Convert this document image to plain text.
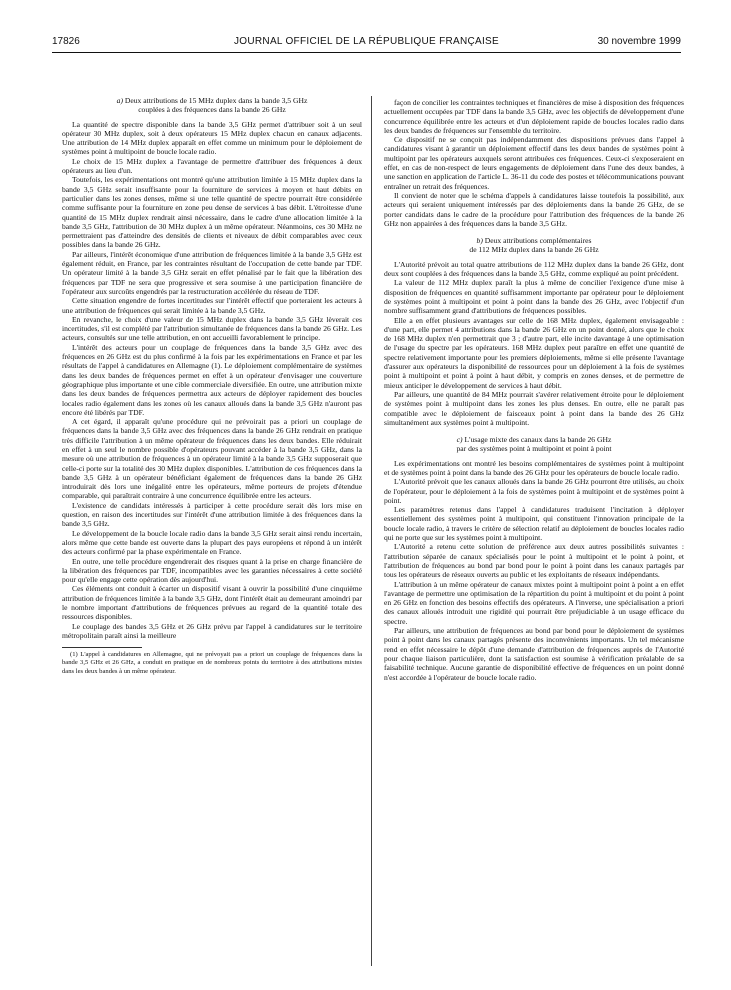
17826	JOURNAL OFFICIEL DE LA RÉPUBLIQUE FRANÇAISE	30 novembre 1999
a) Deux attributions de 15 MHz duplex dans la bande 3,5 GHz
couplées à des fréquences dans la bande 26 GHz

La quantité de spectre disponible dans la bande 3,5 GHz permet d'attribuer soit à un seul opérateur 30 MHz duplex, soit à deux opérateurs 15 MHz duplex chacun en canaux adjacents. Une attribution de 14 MHz duplex apparaît en effet comme un minimum pour le déploiement de systèmes point à multipoint de boucle locale radio.

Le choix de 15 MHz duplex a l'avantage de permettre d'attribuer des fréquences à deux opérateurs au lieu d'un.

Toutefois, les expérimentations ont montré qu'une attribution limitée à 15 MHz duplex dans la bande 3,5 GHz serait insuffisante pour la fourniture de services à moyen et haut débits en particulier dans les zones denses, même si une telle quantité de spectre pourrait être considérée comme suffisante pour la fourniture en zone peu dense de services à bas débit. L'étroitesse d'une quantité de 15 MHz duplex rendrait ainsi nécessaire, dans le cadre d'une allocation limitée à la bande 3,5 GHz, l'attribution de 30 MHz duplex à un même opérateur. Néanmoins, ces 30 MHz ne permettraient pas d'atteindre des densités de clients et niveaux de débit comparables avec ceux possibles dans la bande 26 GHz.

Par ailleurs, l'intérêt économique d'une attribution de fréquences limitée à la bande 3,5 GHz est également réduit, en France, par les contraintes résultant de l'occupation de cette bande par TDF. Un opérateur limité à la bande 3,5 GHz serait en effet pénalisé par le fait que la libération des fréquences par TDF ne sera que progressive et sera soumise à une participation financière de l'opérateur aux surcoûts engendrés par la restructuration accélérée du réseau de TDF.

Cette situation engendre de fortes incertitudes sur l'intérêt effectif que porteraient les acteurs à une attribution de fréquences qui serait limitée à la bande 3,5 GHz.

En revanche, le choix d'une valeur de 15 MHz duplex dans la bande 3,5 GHz lèverait ces incertitudes, s'il est complété par l'attribution simultanée de fréquences dans la bande 26 GHz. Les acteurs, consultés sur une telle attribution, en ont accueilli favorablement le principe.

L'intérêt des acteurs pour un couplage de fréquences dans la bande 3,5 GHz avec des fréquences en 26 GHz est du plus confirmé à la fois par les expérimentations en France et par les résultats de l'appel à candidatures en Allemagne (1). Le déploiement complémentaire de systèmes dans les deux bandes de fréquences permet en effet à un opérateur d'envisager une couverture géographique plus importante et une cible commerciale diversifiée. En outre, une attribution mixte dans les deux bandes de fréquences permettra aux acteurs de déployer rapidement des boucles locales radio également dans les zones où les canaux alloués dans la bande 3,5 GHz n'auront pas encore été libérés par TDF.

A cet égard, il apparaît qu'une procédure qui ne prévoirait pas a priori un couplage de fréquences dans la bande 3,5 GHz avec des fréquences dans la bande 26 GHz rendrait en pratique très difficile l'attribution à un même opérateur de fréquences dans les deux bandes. Elle réduirait en effet à un seul le nombre possible d'opérateurs pouvant accéder à la bande 3,5 GHz, dans la mesure où une attribution de fréquences à un opérateur limité à la bande 3,5 GHz supposerait que celle-ci porte sur la totalité des 30 MHz duplex disponibles. L'attribution de ces fréquences dans la bande 3,5 GHz à un opérateur bénéficiant également de fréquences dans la bande 26 GHz introduirait dès lors une inégalité entre les opérateurs, même porteurs de projets d'étendue comparable, qui paraîtrait contraire à une concurrence équilibrée entre les acteurs.

L'existence de candidats intéressés à participer à cette procédure serait dès lors mise en question, en raison des incertitudes sur l'intérêt d'une attribution limitée à des fréquences dans la bande 3,5 GHz.

Le développement de la boucle locale radio dans la bande 3,5 GHz serait ainsi rendu incertain, alors même que cette bande est ouverte dans la plupart des pays européens et répond à un intérêt des acteurs confirmé par la phase expérimentale en France.

En outre, une telle procédure engendrerait des risques quant à la prise en charge financière de la libération des fréquences par TDF, incompatibles avec les garanties nécessaires à cette société pour qu'elle engage cette opération dès aujourd'hui.

Ces éléments ont conduit à écarter un dispositif visant à ouvrir la possibilité d'une cinquième attribution de fréquences limitée à la bande 3,5 GHz, dont l'intérêt était au demeurant amoindri par le nombre important d'attributions de fréquences prévues au regard de la quantité totale des ressources disponibles.

Le couplage des bandes 3,5 GHz et 26 GHz prévu par l'appel à candidatures sur le territoire métropolitain paraît ainsi la meilleure

(1) L'appel à candidatures en Allemagne, qui ne prévoyait pas a priori un couplage de fréquences dans la bande 3,5 GHz et 26 GHz, a conduit en pratique en de nombreux points du territoire à des attributions mixtes dans les deux bandes à un même opérateur.

façon de concilier les contraintes techniques et financières de mise à disposition des fréquences actuellement occupées par TDF dans la bande 3,5 GHz, avec les objectifs de développement d'une concurrence équilibrée entre les acteurs et d'un déploiement rapide de boucles locales radio dans les deux bandes de fréquences sur l'ensemble du territoire.

Ce dispositif ne se conçoit pas indépendamment des dispositions prévues dans l'appel à candidatures visant à garantir un déploiement effectif dans les deux bandes de systèmes point à multipoint par les opérateurs auxquels seront attribuées ces fréquences. Ceux-ci s'exposeraient en effet, en cas de non-respect de leurs engagements de déploiement dans l'une des deux bandes, à une sanction en application de l'article L. 36-11 du code des postes et télécommunications pouvant entraîner un retrait des fréquences.

Il convient de noter que le schéma d'appels à candidatures laisse toutefois la possibilité, aux acteurs qui seraient uniquement intéressés par des déploiements dans la bande 26 GHz, de se porter candidats dans le cadre de la procédure pour l'attribution des fréquences de la bande 26 GHz non appairées à des fréquences dans la bande 3,5 GHz.

b) Deux attributions complémentaires
de 112 MHz duplex dans la bande 26 GHz

L'Autorité prévoit au total quatre attributions de 112 MHz duplex dans la bande 26 GHz, dont deux sont couplées à des fréquences dans la bande 3,5 GHz, comme expliqué au point précédent.

La valeur de 112 MHz duplex paraît la plus à même de concilier l'exigence d'une mise à disposition de fréquences en quantité suffisamment importante par opérateur pour le déploiement de systèmes point à multipoint et point à point dans la bande des 26 GHz, avec l'objectif d'un nombre suffisamment grand d'attributions de fréquences possibles.

Elle a en effet plusieurs avantages sur celle de 168 MHz duplex, également envisageable : d'une part, elle permet 4 attributions dans la bande 26 GHz en un point donné, alors que le choix de 168 MHz duplex n'en permettrait que 3 ; d'autre part, elle incite davantage à une optimisation de l'usage du spectre par les opérateurs. 168 MHz duplex peut paraître en effet une quantité de spectre relativement importante pour les premiers déploiements, même si elle présente l'avantage d'assurer aux opérateurs la disponibilité de ressources pour un déploiement à la fois de systèmes point à multipoint et point à point à haut débit, y compris en zones denses, et de permettre de mieux anticiper le développement de services à haut débit.

Par ailleurs, une quantité de 84 MHz pourrait s'avérer relativement étroite pour le déploiement de systèmes point à multipoint dans les zones les plus denses. En outre, elle ne paraît pas compatible avec le déploiement de faisceaux point à point dans la bande des 26 GHz simultanément aux systèmes point à multipoint.

c) L'usage mixte des canaux dans la bande 26 GHz
par des systèmes point à multipoint et point à point

Les expérimentations ont montré les besoins complémentaires de systèmes point à multipoint et de systèmes point à point dans la bande des 26 GHz pour les opérateurs de boucle locale radio.

L'Autorité prévoit que les canaux alloués dans la bande 26 GHz pourront être utilisés, au choix de l'opérateur, pour le déploiement à la fois de systèmes point à multipoint et de systèmes point à point.

Les paramètres retenus dans l'appel à candidatures traduisent l'incitation à déployer essentiellement des systèmes point à multipoint, qui constituent l'innovation principale de la boucle locale radio, à travers le critère de sélection relatif au déploiement de boucles locales radio qui ne porte que sur les systèmes point à multipoint.

L'Autorité a retenu cette solution de préférence aux deux autres possibilités suivantes : l'attribution séparée de canaux spécialisés pour le point à multipoint et le point à point, et l'attribution de fréquences au bond par bond pour le point à point dans les canaux partagés par tous les opérateurs de réseaux ouverts au public et les exploitants de réseaux indépendants.

L'attribution à un même opérateur de canaux mixtes point à multipoint point à point a en effet l'avantage de permettre une optimisation de la répartition du point à multipoint et du point à point en 26 GHz en fonction des besoins effectifs des opérateurs. A l'inverse, une spécialisation a priori des canaux alloués introduit une rigidité qui pourrait être préjudiciable à un usage efficace du spectre.

Par ailleurs, une attribution de fréquences au bond par bond pour le déploiement de systèmes point à point dans les canaux partagés présente des inconvénients importants. Un tel mécanisme rend en effet nécessaire le dépôt d'une demande d'attribution de fréquences auprès de l'Autorité pour chaque liaison particulière, dont la satisfaction est soumise à vérification préalable de sa faisabilité technique. Aucune garantie de disponibilité effective de fréquences en un point donné n'est accordée à l'opérateur de boucle locale radio.
